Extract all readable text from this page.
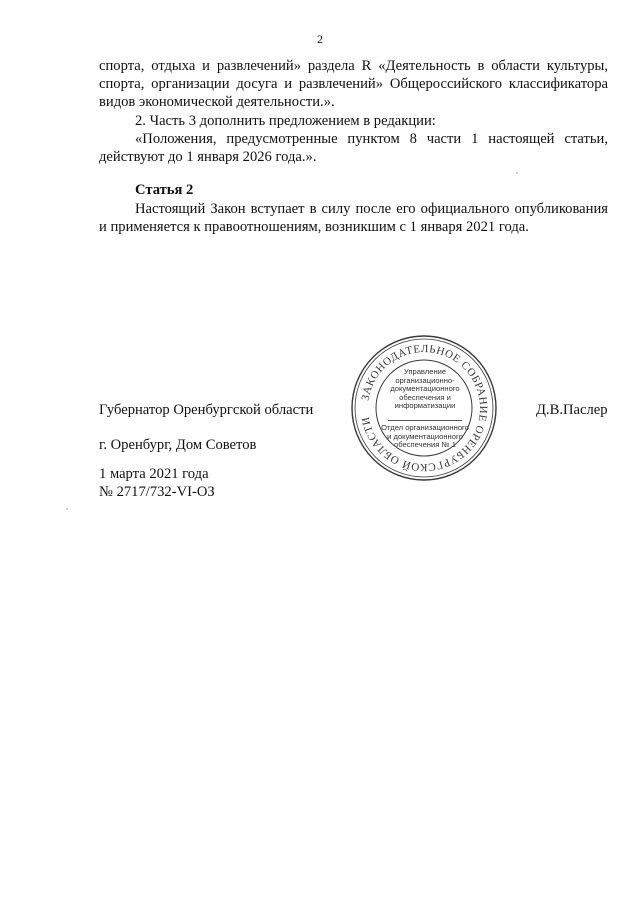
2

спорта, отдыха и развлечений» раздела R «Деятельность в области культуры, спорта, организации досуга и развлечений» Общероссийского классификатора видов экономической деятельности.».

2. Часть 3 дополнить предложением в редакции:

«Положения, предусмотренные пунктом 8 части 1 настоящей статьи, действуют до 1 января 2026 года.».

Статья 2

Настоящий Закон вступает в силу после его официального опубликования и применяется к правоотношениям, возникшим с 1 января 2021 года.

Губернатор Оренбургской области	Д.В.Паслер
г. Оренбург, Дом Советов
1 марта 2021 года
№ 2717/732-VI-ОЗ
ЗАКОНОДАТЕЛЬНОЕ СОБРАНИЕ ОРЕНБУРГСКОЙ ОБЛАСТИ
Управление организационно-документационного обеспечения и информатизации
Отдел организационного и документационного обеспечения № 1
